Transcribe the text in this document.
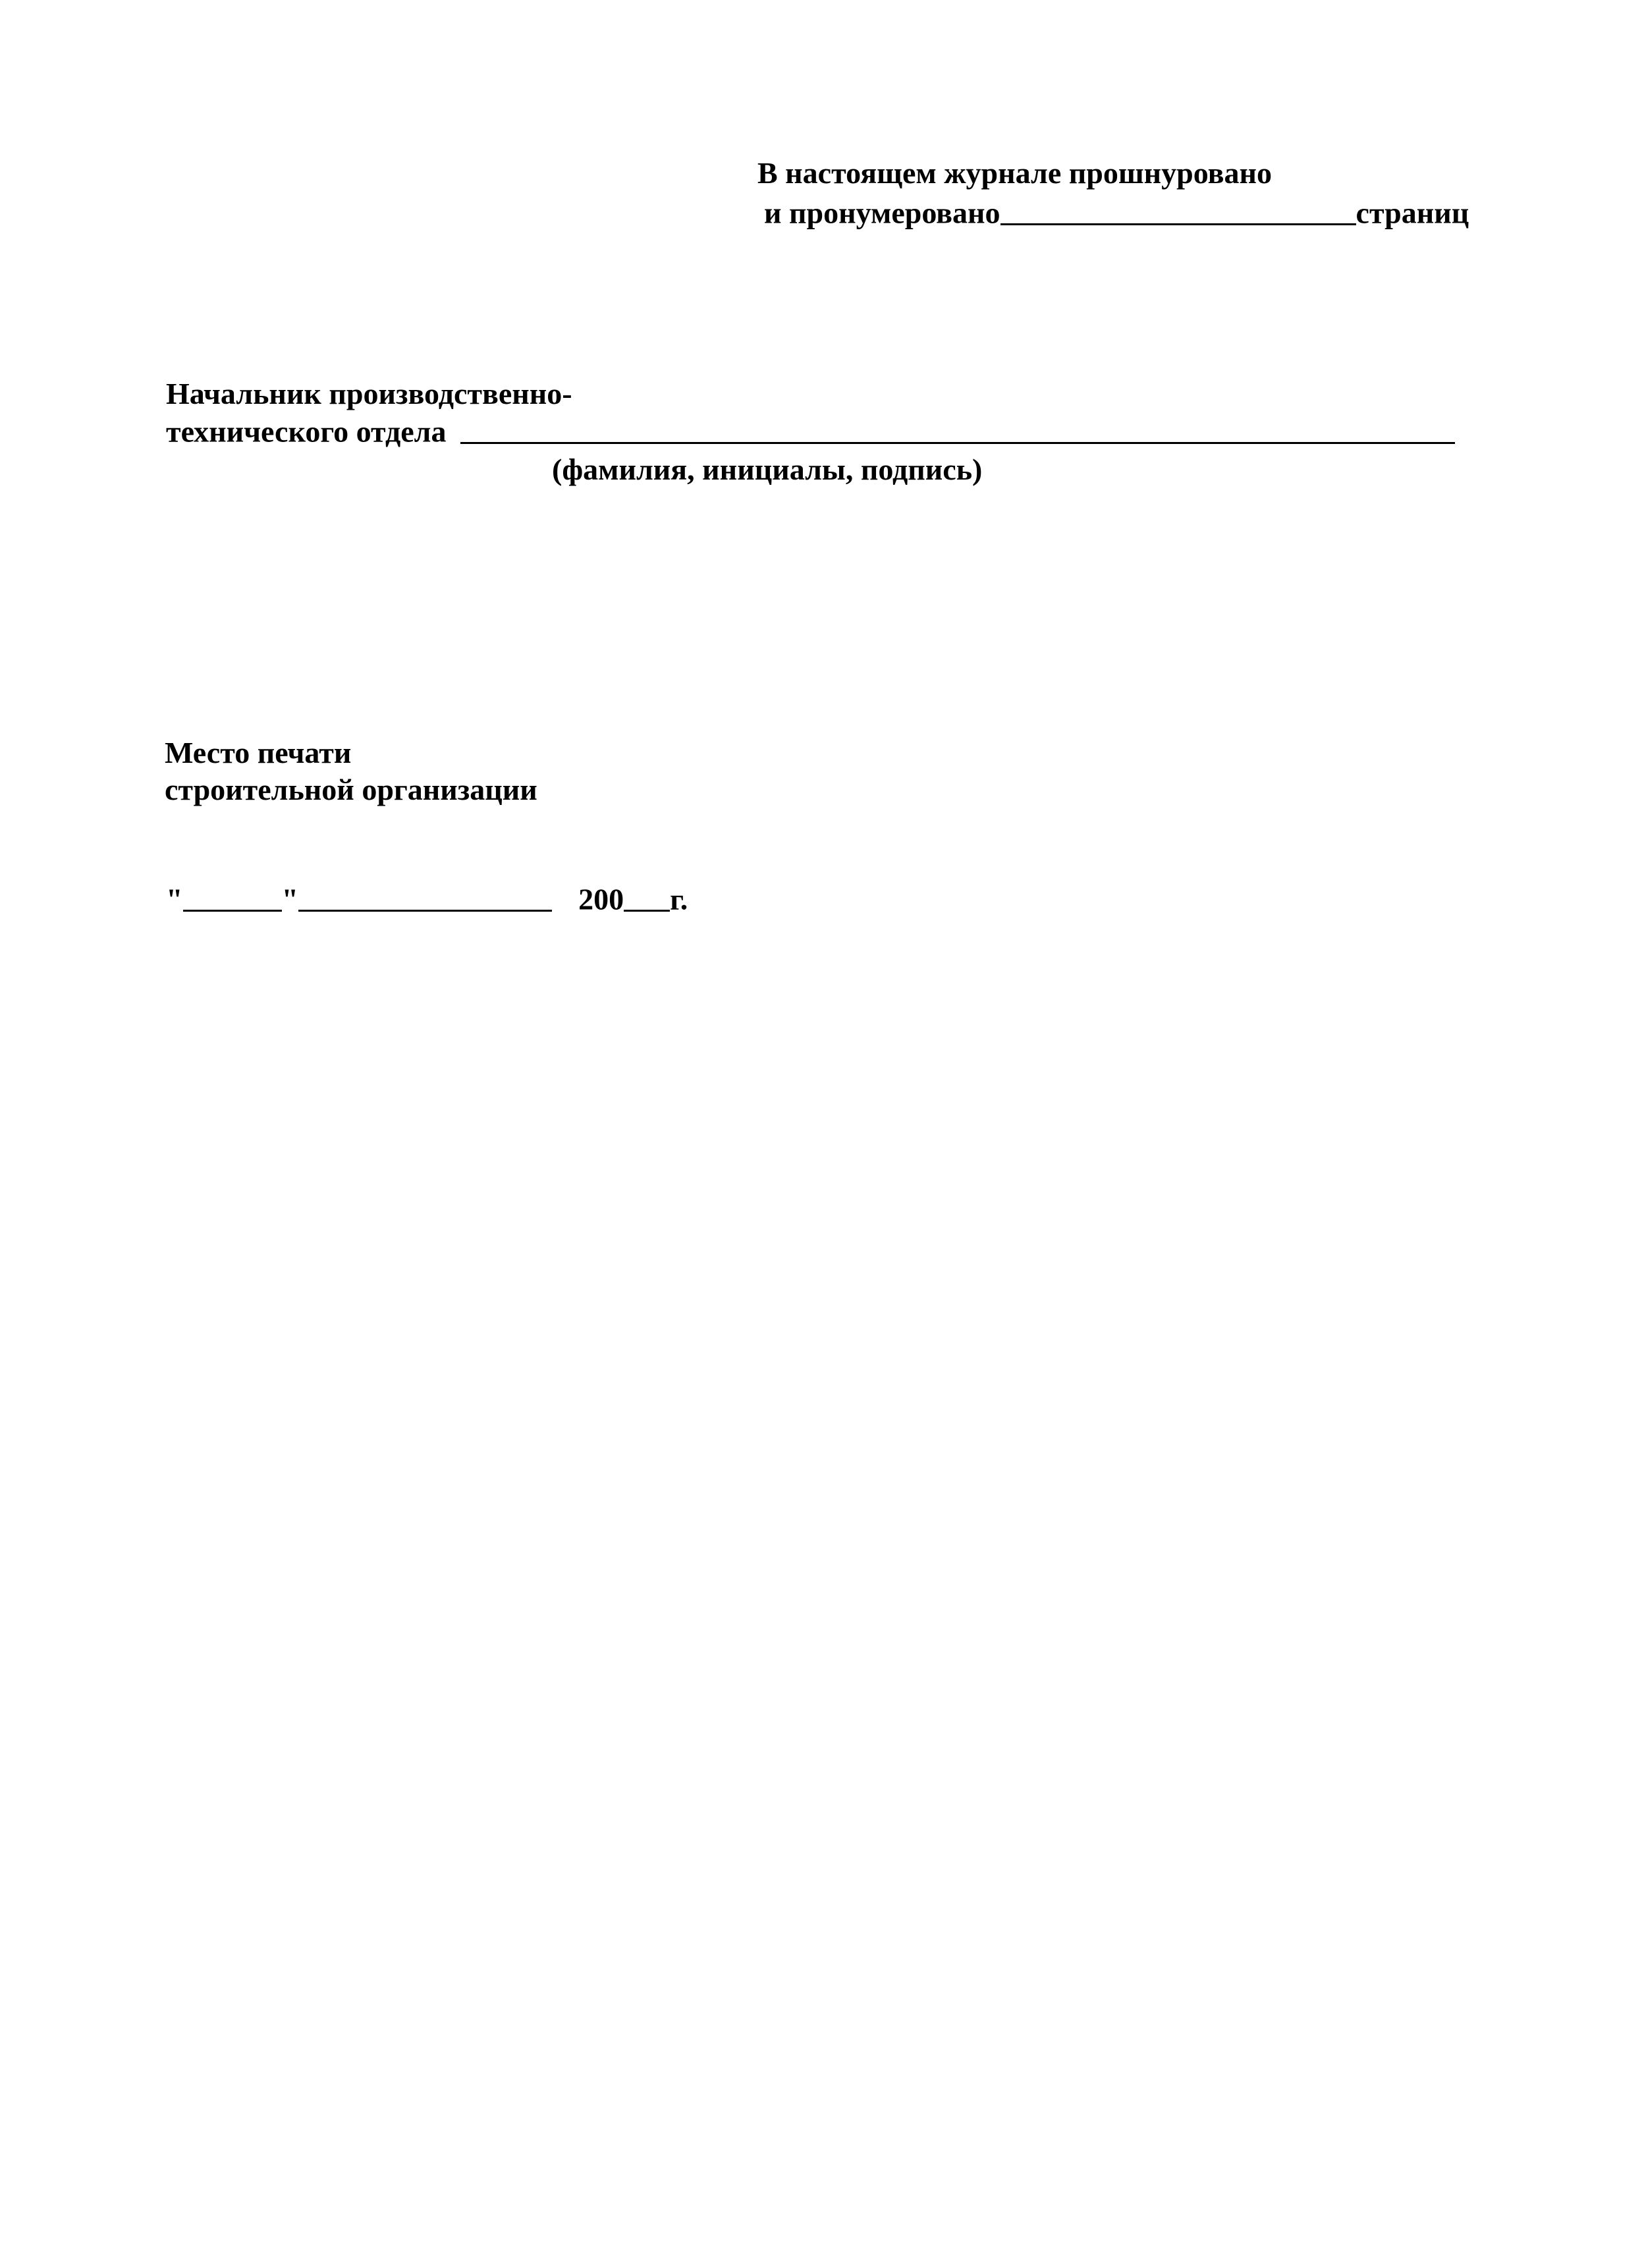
В настоящем журнале прошнуровано
и пронумеровано	страниц
Начальник производственно-
технического отдела
(фамилия, инициалы, подпись)
Место печати
строительной организации
"	"	200 г.
